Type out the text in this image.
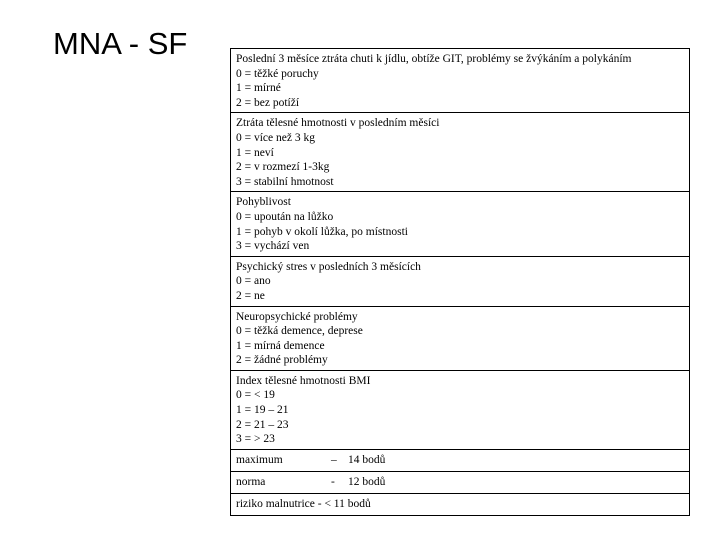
MNA - SF	Poslední 3 měsíce ztráta chuti k jídlu, obtíže GIT, problémy se žvýkáním a polykáním
0 = těžké poruchy
1 = mírné
2 = bez potíží

Ztráta tělesné hmotnosti v posledním měsíci
0 = více než 3 kg
1 = neví
2 = v rozmezí 1-3kg
3 = stabilní hmotnost

Pohyblivost
0 = upoután na lůžko
1 = pohyb v okolí lůžka, po místnosti
3 = vychází ven

Psychický stres v posledních 3 měsících
0 = ano
2 = ne

Neuropsychické problémy
0 = těžká demence, deprese
1 = mírná demence
2 = žádné problémy

Index tělesné hmotnosti BMI
0 = < 19
1 = 19 – 21
2 = 21 – 23
3 = > 23

maximum	– 14 bodů

norma	- 12 bodů

riziko malnutrice - < 11 bodů
